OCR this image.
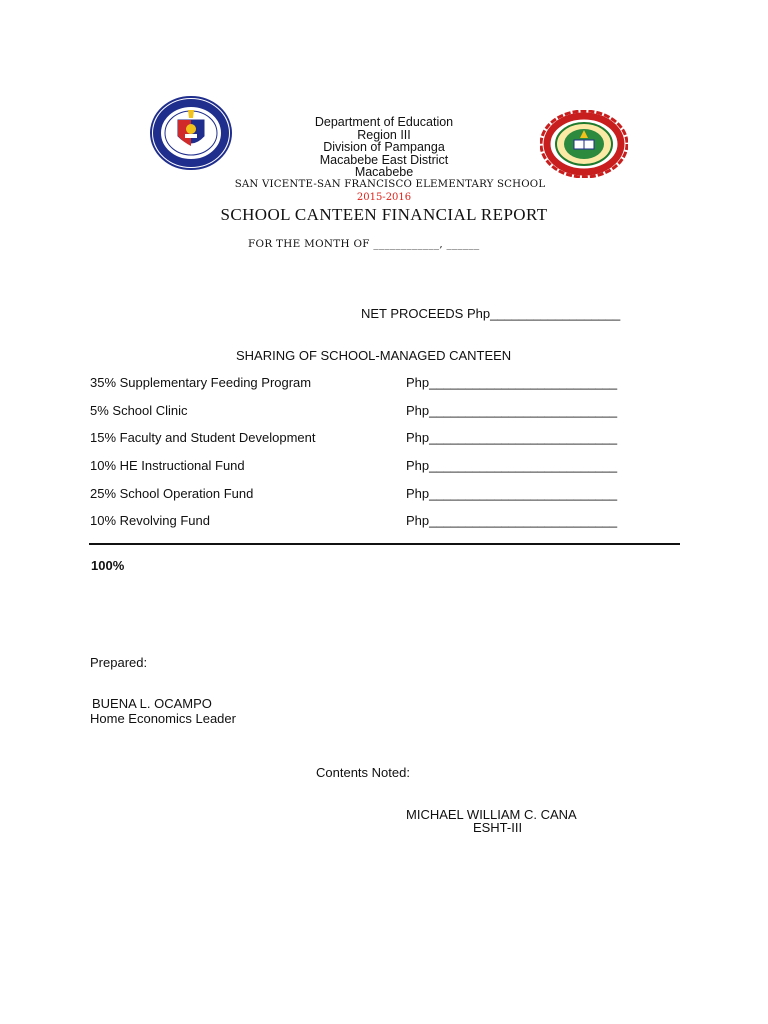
Department of Education
Region III
Division of Pampanga
Macabebe East District
Macabebe
SAN VICENTE-SAN FRANCISCO ELEMENTARY SCHOOL
2015-2016
SCHOOL CANTEEN FINANCIAL REPORT
FOR THE MONTH OF ____________, ______
NET PROCEEDS Php__________________
SHARING OF SCHOOL-MANAGED CANTEEN
35% Supplementary Feeding Program	Php__________________________
5% School Clinic	Php__________________________
15% Faculty and Student Development	Php__________________________
10% HE Instructional Fund	Php__________________________
25% School Operation Fund	Php__________________________
10% Revolving Fund	Php__________________________
100%
Prepared:
BUENA L. OCAMPO
Home Economics Leader
Contents Noted:
MICHAEL WILLIAM C. CANA
ESHT-III
